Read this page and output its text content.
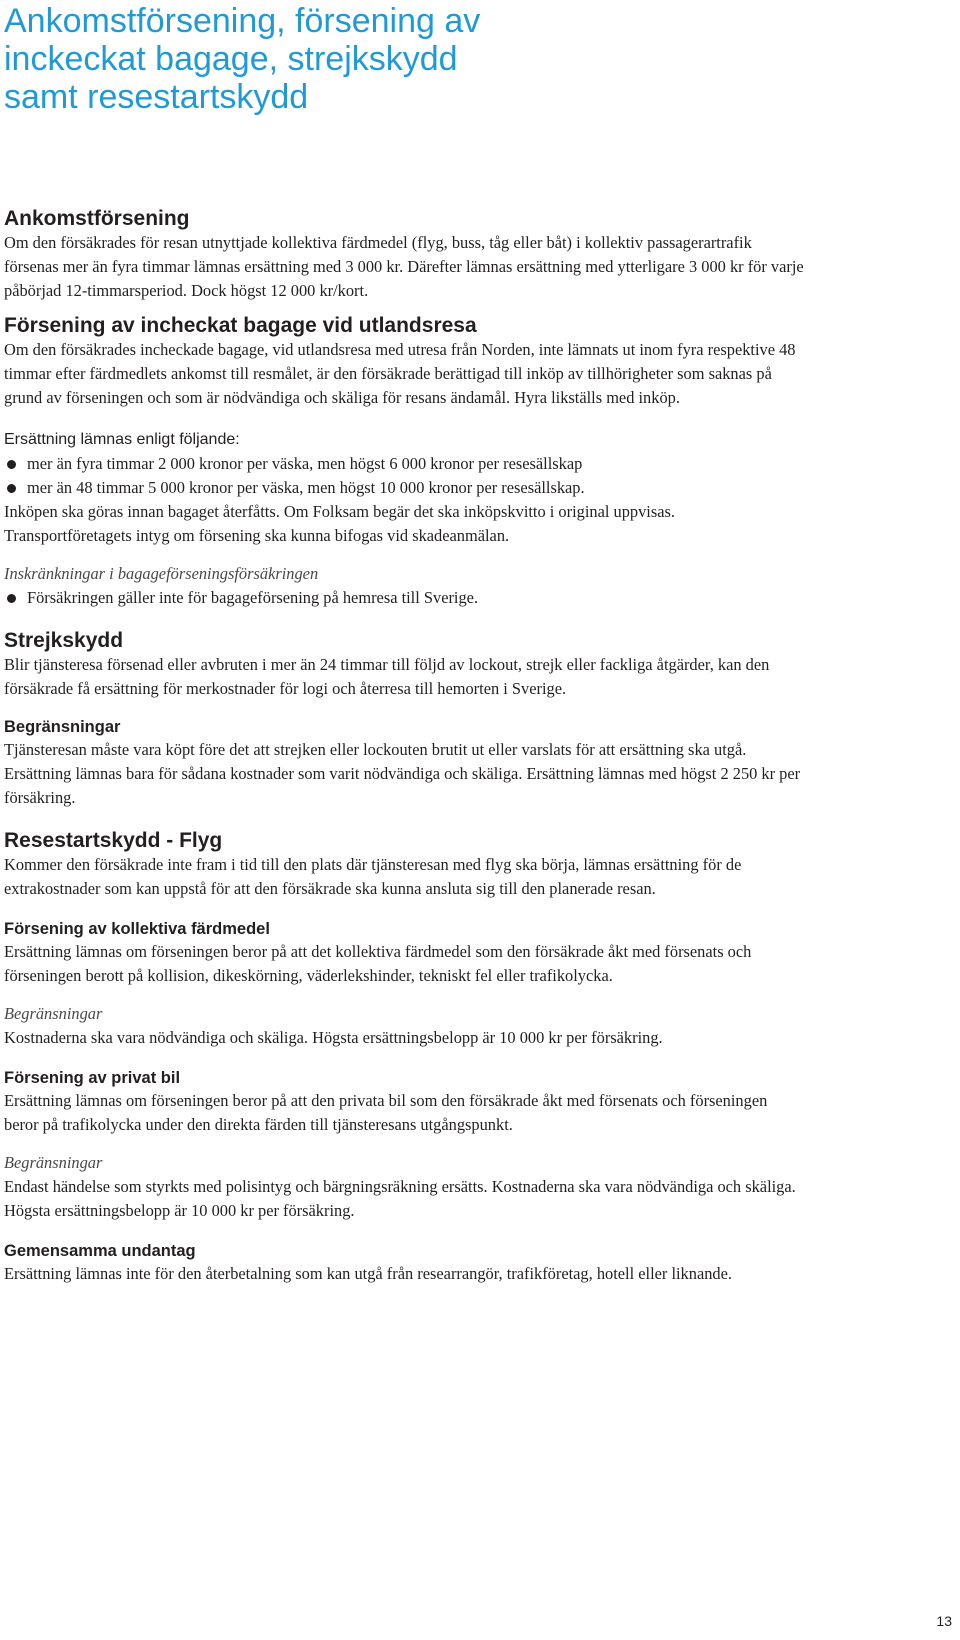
Ankomstförsening, försening av
inckeckat bagage, strejkskydd
samt resestartskydd
Ankomstförsening

Om den försäkrades för resan utnyttjade kollektiva färdmedel (flyg, buss, tåg eller båt) i kollektiv passagerartrafik försenas mer än fyra timmar lämnas ersättning med 3 000 kr. Därefter lämnas ersättning med ytterligare 3 000 kr för varje påbörjad 12-timmarsperiod. Dock högst 12 000 kr/kort.

Försening av incheckat bagage vid utlandsresa

Om den försäkrades incheckade bagage, vid utlandsresa med utresa från Norden, inte lämnats ut inom fyra respektive 48 timmar efter färdmedlets ankomst till resmålet, är den försäkrade berättigad till inköp av tillhörigheter som saknas på grund av förseningen och som är nödvändiga och skäliga för resans ändamål. Hyra likställs med inköp.

Ersättning lämnas enligt följande:

mer än fyra timmar 2 000 kronor per väska, men högst 6 000 kronor per resesällskap
mer än 48 timmar 5 000 kronor per väska, men högst 10 000 kronor per resesällskap.

Inköpen ska göras innan bagaget återfåtts. Om Folksam begär det ska inköpskvitto i original uppvisas. Transportföretagets intyg om försening ska kunna bifogas vid skadeanmälan.

Inskränkningar i bagageförseningsförsäkringen

Försäkringen gäller inte för bagageförsening på hemresa till Sverige.
Strejkskydd

Blir tjänsteresa försenad eller avbruten i mer än 24 timmar till följd av lockout, strejk eller fackliga åtgärder, kan den försäkrade få ersättning för merkostnader för logi och återresa till hemorten i Sverige.

Begränsningar

Tjänsteresan måste vara köpt före det att strejken eller lockouten brutit ut eller varslats för att ersättning ska utgå. Ersättning lämnas bara för sådana kostnader som varit nödvändiga och skäliga. Ersättning lämnas med högst 2 250 kr per försäkring.

Resestartskydd - Flyg

Kommer den försäkrade inte fram i tid till den plats där tjänsteresan med flyg ska börja, lämnas ersättning för de extrakostnader som kan uppstå för att den försäkrade ska kunna ansluta sig till den planerade resan.

Försening av kollektiva färdmedel

Ersättning lämnas om förseningen beror på att det kollektiva färdmedel som den försäkrade åkt med försenats och förseningen berott på kollision, dikeskörning, väderlekshinder, tekniskt fel eller trafikolycka.

Begränsningar

Kostnaderna ska vara nödvändiga och skäliga. Högsta ersättningsbelopp är 10 000 kr per försäkring.

Försening av privat bil

Ersättning lämnas om förseningen beror på att den privata bil som den försäkrade åkt med försenats och förseningen beror på trafikolycka under den direkta färden till tjänsteresans utgångspunkt.

Begränsningar

Endast händelse som styrkts med polisintyg och bärgningsräkning ersätts. Kostnaderna ska vara nödvändiga och skäliga. Högsta ersättningsbelopp är 10 000 kr per försäkring.

Gemensamma undantag

Ersättning lämnas inte för den återbetalning som kan utgå från researrangör, trafikföretag, hotell eller liknande.

13
